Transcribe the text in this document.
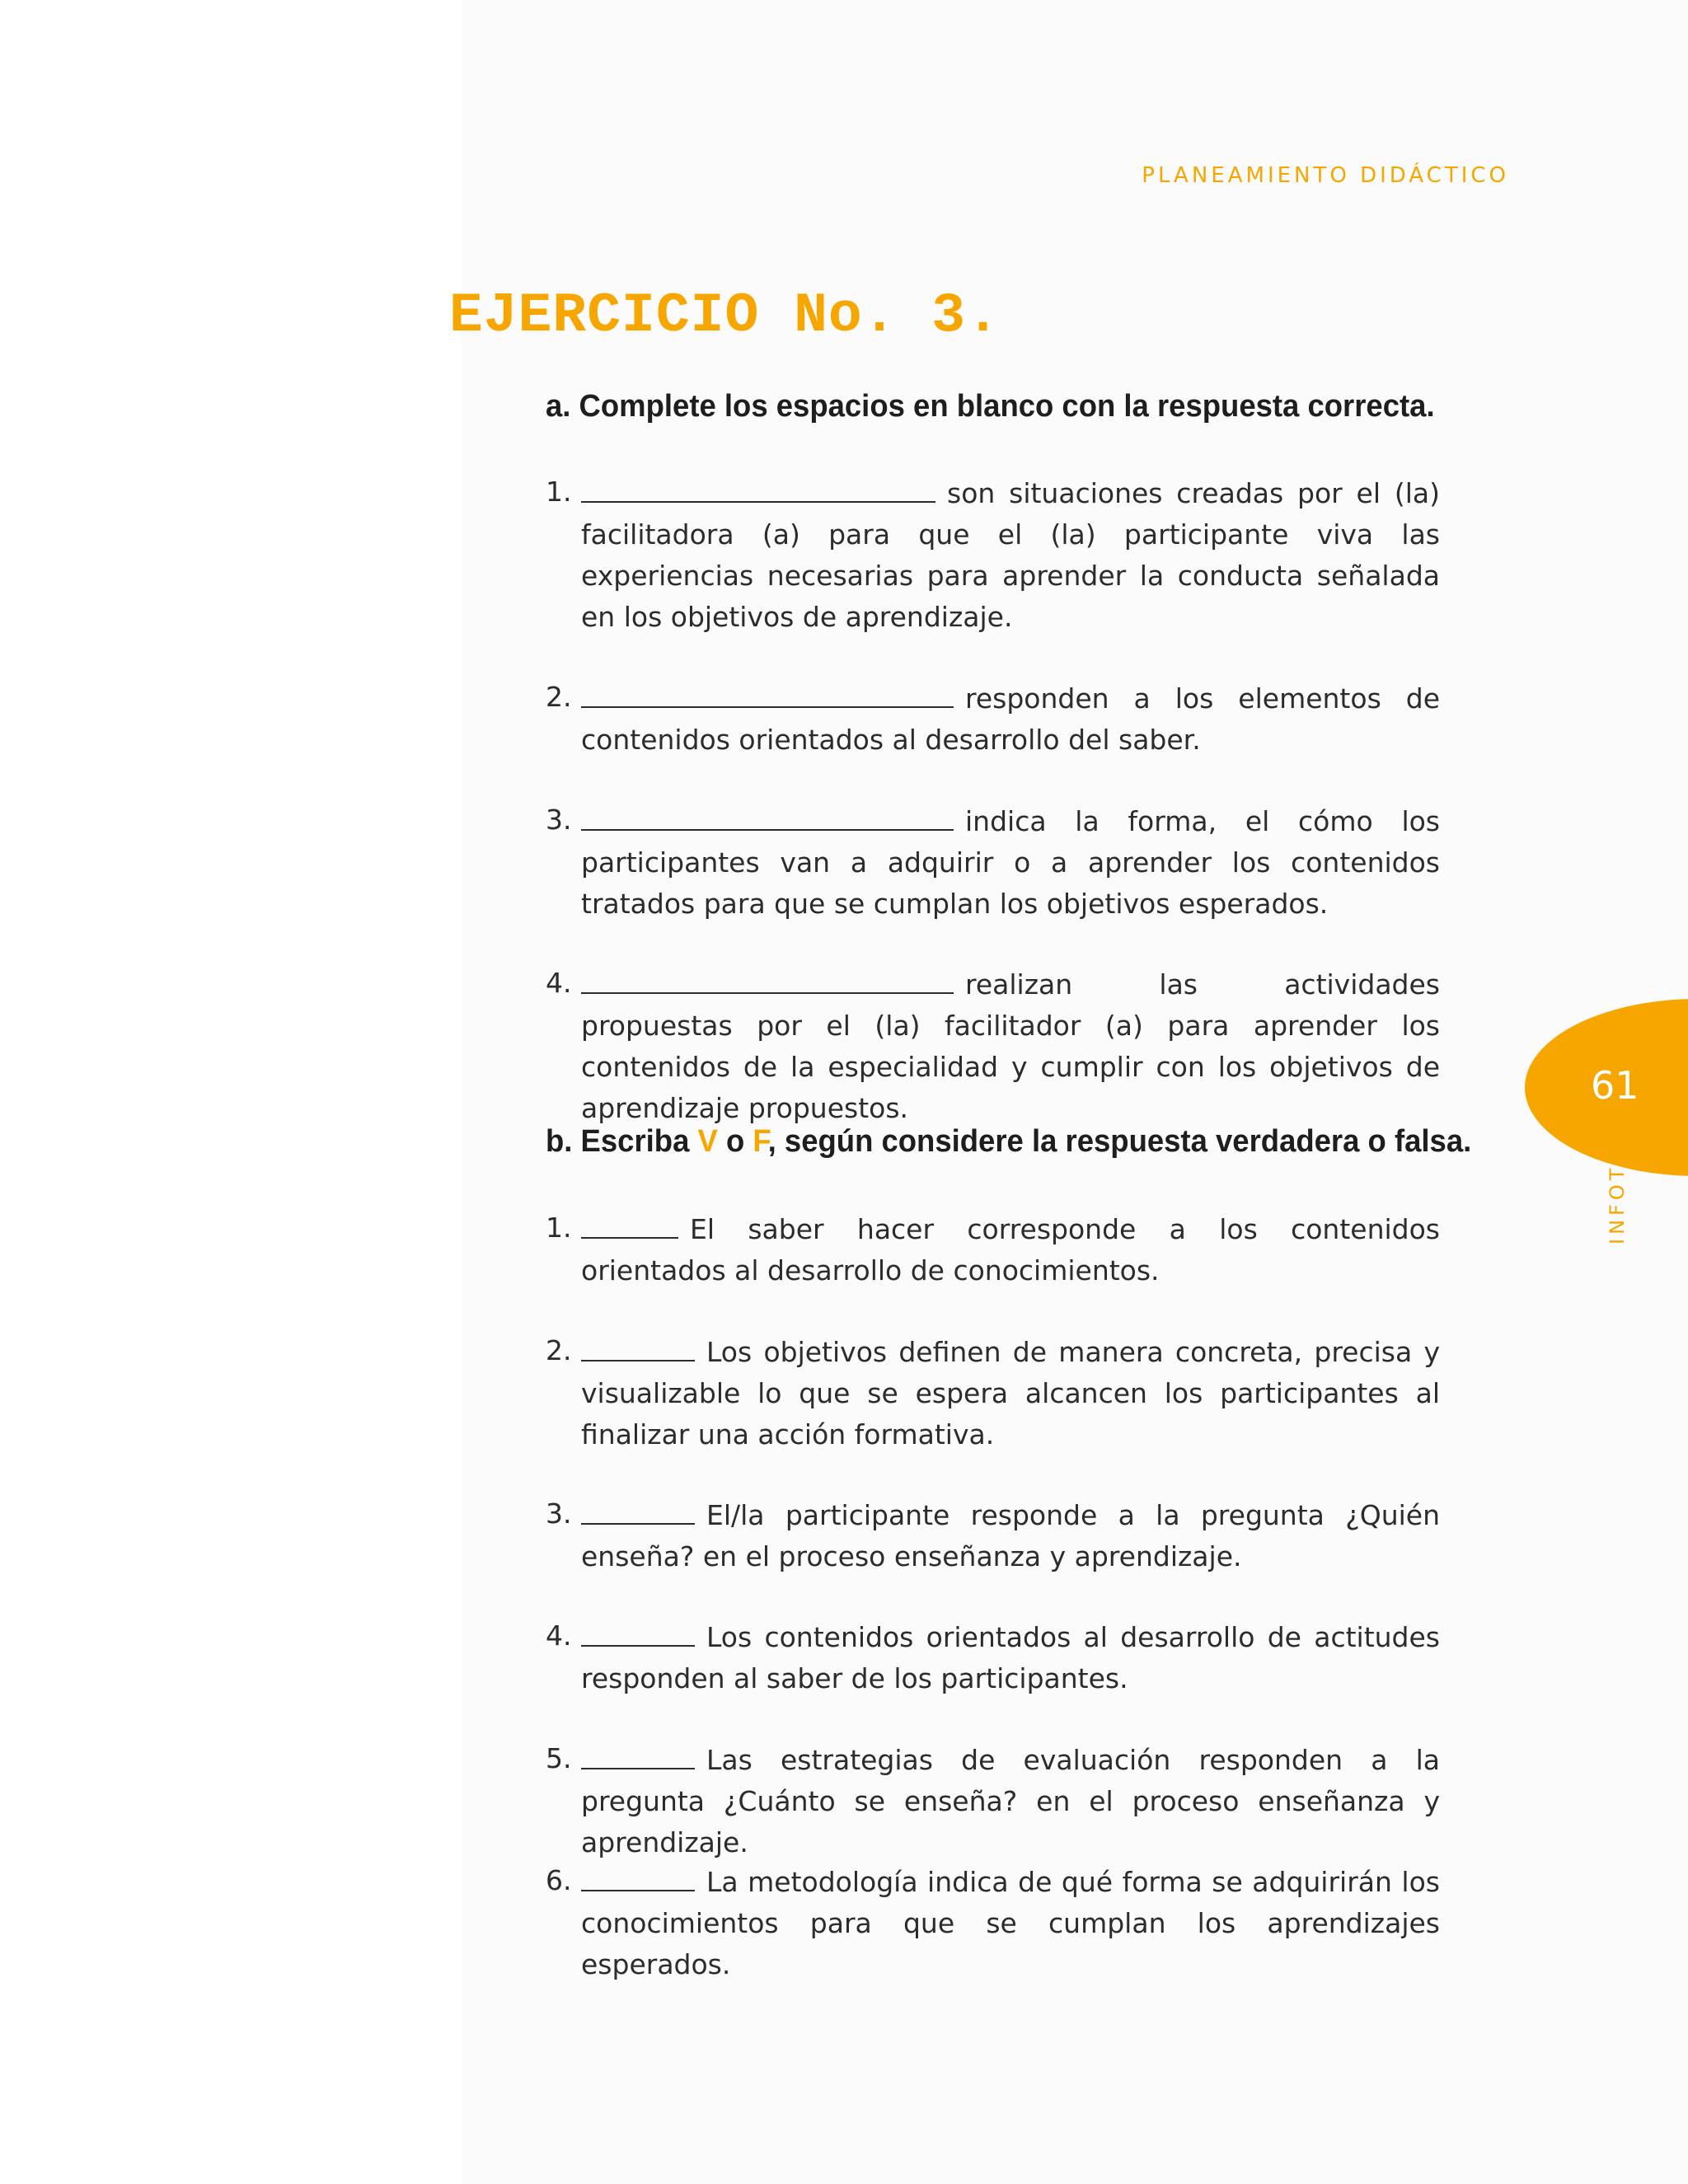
PLANEAMIENTO DIDÁCTICO
EJERCICIO No. 3.
a. Complete los espacios en blanco con la respuesta correcta.
1.	son situaciones creadas por el (la) facilitadora (a) para que el (la) participante viva las experiencias necesarias para aprender la conducta señalada en los objetivos de aprendizaje.
2.	responden a los elementos de contenidos orientados al desarrollo del saber.
3.	indica la forma, el cómo los participantes van a adquirir o a aprender los contenidos tratados para que se cumplan los objetivos esperados.
4.	realizan las actividades propuestas por el (la) facilitador (a) para aprender los contenidos de la especialidad y cumplir con los objetivos de aprendizaje propuestos.
b. Escriba V o F, según considere la respuesta verdadera o falsa.
1.	El saber hacer corresponde a los contenidos orientados al desarrollo de conocimientos.
2.	Los objetivos definen de manera concreta, precisa y visualizable lo que se espera alcancen los participantes al finalizar una acción formativa.
3.	El/la participante responde a la pregunta ¿Quién enseña? en el proceso enseñanza y aprendizaje.
4.	Los contenidos orientados al desarrollo de actitudes responden al saber de los participantes.
5.	Las estrategias de evaluación responden a la pregunta ¿Cuánto se enseña? en el proceso enseñanza y aprendizaje.
6.	La metodología indica de qué forma se adquirirán los conocimientos para que se cumplan los aprendizajes esperados.
61
INFOTEP
